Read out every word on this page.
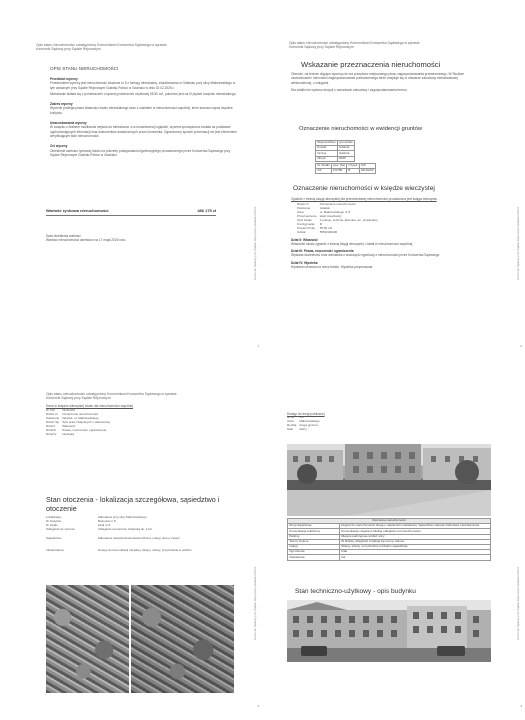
Opis stanu nieruchomości udostępniony Komornikowi Komornika Sądowego w sprawie
Komornik Sądowy przy Sądzie Rejonowym
OPIS STANU NIERUCHOMOŚCI
Przedmiot wyceny
Przedmiotem wyceny jest nieruchomość lokalowa nr 8 z funkcją mieszkalną, zlokalizowana w Gdańsku przy ulicy Małczewskiego w tym wpisanym przy Sądzie Rejonowym Gdańsk-Północ w Gdańsku w dniu 02.02.2025.r.
Mieszkanie składa się z pomieszczeń o łącznej powierzchni użytkowej 55,50 m2, położone jest na III piętrze budynku mieszkalnego.
Zakres wyceny
Wycenie podlega prawo własności lokalu mieszkalnego wraz z udziałem w nieruchomości wspólnej, które stanowi części wspólne budynku.
Uwarunkowania wyceny
W związku z brakiem możliwości wejścia do mieszkania, a w konsekwencji oględzin, wycena sporządzona została na podstawie ogólnodostępnych informacji oraz dokumentów dostarczonych przez komornika. Ograniczony sposób prezentacji nie jest elementem weryfikującym stan nieruchomości.
Cel wyceny
Określenie wartości rynkowej lokalu na potrzeby postępowania egzekucyjnego prowadzonego przez Komornika Sądowego przy Sądzie Rejonowym Gdańsk-Północ w Gdańsku.
Wartość rynkowa nieruchomości	486 175 zł
Data określenia wartości
Wartość nieruchomości określono na 17 maja 2025 roku	Komornik Sądowy przy Sądzie Rejonowym Gdańsk-Północ
1
Opis stanu nieruchomości udostępniony Komornikowi Komornika Sądowego w sprawie
Komornik Sądowy przy Sądzie Rejonowym
Wskazanie przeznaczenia nieruchomości
Obecnie, na terenie objętym wyceną nie ma przepisów miejscowego planu zagospodarowania przestrzennego. W Studium uwarunkowań i kierunków zagospodarowania przestrzennego teren znajduje się w obszarze zabudowy mieszkaniowej wielorodzinnej, z usługami.
Dla działki nie wydano decyzji o warunkach zabudowy i zagospodarowania terenu.
Oznaczenie nieruchomości w ewidencji gruntów
Województwo	pomorskie
Powiat	Gdańsk
Gmina	Gdańsk
Obręb	0045
Nr działki	pow. [ha]	Użytek	KW
3/3	0,0789	B	GD1G/00
Oznaczenie nieruchomości w księdze wieczystej
Zgodnie z treścią księgi wieczystej dla przedmiotowej nieruchomości prowadzona jest księga wieczysta
Dział I-O	Oznaczenie nieruchomości
Położenie	Gdańsk
Ulica	ul. Małczewskiego nr 8
Przeznaczenie	lokal mieszkalny
Opis lokalu	3 pokoje, kuchnia, łazienka, wc, przedpokój
Kondygnacja	III
Powierzchnia	55,50 m2
Udział	5550/100000
Dział II: Własność
Właściciel lokalu zgodnie z treścią księgi wieczystej. Udział w nieruchomości wspólnej.
Dział III: Prawa, roszczenia i ograniczenia
Wpisana służebność oraz wzmianka o wszczęciu egzekucji z nieruchomości przez Komornika Sądowego.
Dział IV: Hipoteka
Hipoteka umowna na rzecz banku. Hipoteka przymusowa.	Komornik Sądowy przy Sądzie Rejonowym Gdańsk-Północ
2
Opis stanu nieruchomości udostępniony Komornikowi Komornika Sądowego w sprawie
Komornik Sądowy przy Sądzie Rejonowym
Dane w księdze wieczystej lokalu dla nieruchomości wspólnej
Nr KW	GD1G/00
Dział I-O	Oznaczenie nieruchomości
Położenie	Gdańsk, ul. Małczewskiego
Dział I-Sp	Spis praw związanych z własnością
Dział II	Własność
Dział III	Prawa, roszczenia i ograniczenia
Dział IV	Hipoteka
Stan otoczenia - lokalizacja szczegółowa, sąsiedztwo i otoczenie
Lokalizacja	Zabudowa przy ulicy Małczewskiego
Nr budynku	Budynek nr 8
Nr lokalu	lokal nr 8
Odległość do centrum	Odległość od centrum Gdańska ok. 4 km
Sąsiedztwo	Zabudowa mieszkaniowa wielorodzinna, usługi, tereny zieleni
Infrastruktura	Dostęp do komunikacji miejskiej, sklepy, szkoły, przychodnia w pobliżu
Komornik Sądowy przy Sądzie Rejonowym Gdańsk-Północ
3
Dostęp do drogi publicznej
Nr dz.	3/3
Ulica	Małczewskiego
Rodzaj	droga gminna
Stan	dobry
Otoczenie nieruchomości	
Drogi dojazdowe	Dojazd do nieruchomości drogą o nawierzchni asfaltowej. Sąsiedztwo stanowi zabudowa mieszkaniowa.
Komunikacja publiczna	Komunikacja miejska w bliskiej odległości od nieruchomości.
Parking	Miejsca parkingowe wzdłuż ulicy.
Tereny zielone	W bliskiej odległości znajdują się tereny zielone.
Usługi	Sklepy, szkoły i przychodnie w bliskim sąsiedztwie.
Ogrodzenie	brak
Oświetlenie	tak
Stan techniczno-użytkowy - opis budynku	Komornik Sądowy przy Sądzie Rejonowym Gdańsk-Północ
4
